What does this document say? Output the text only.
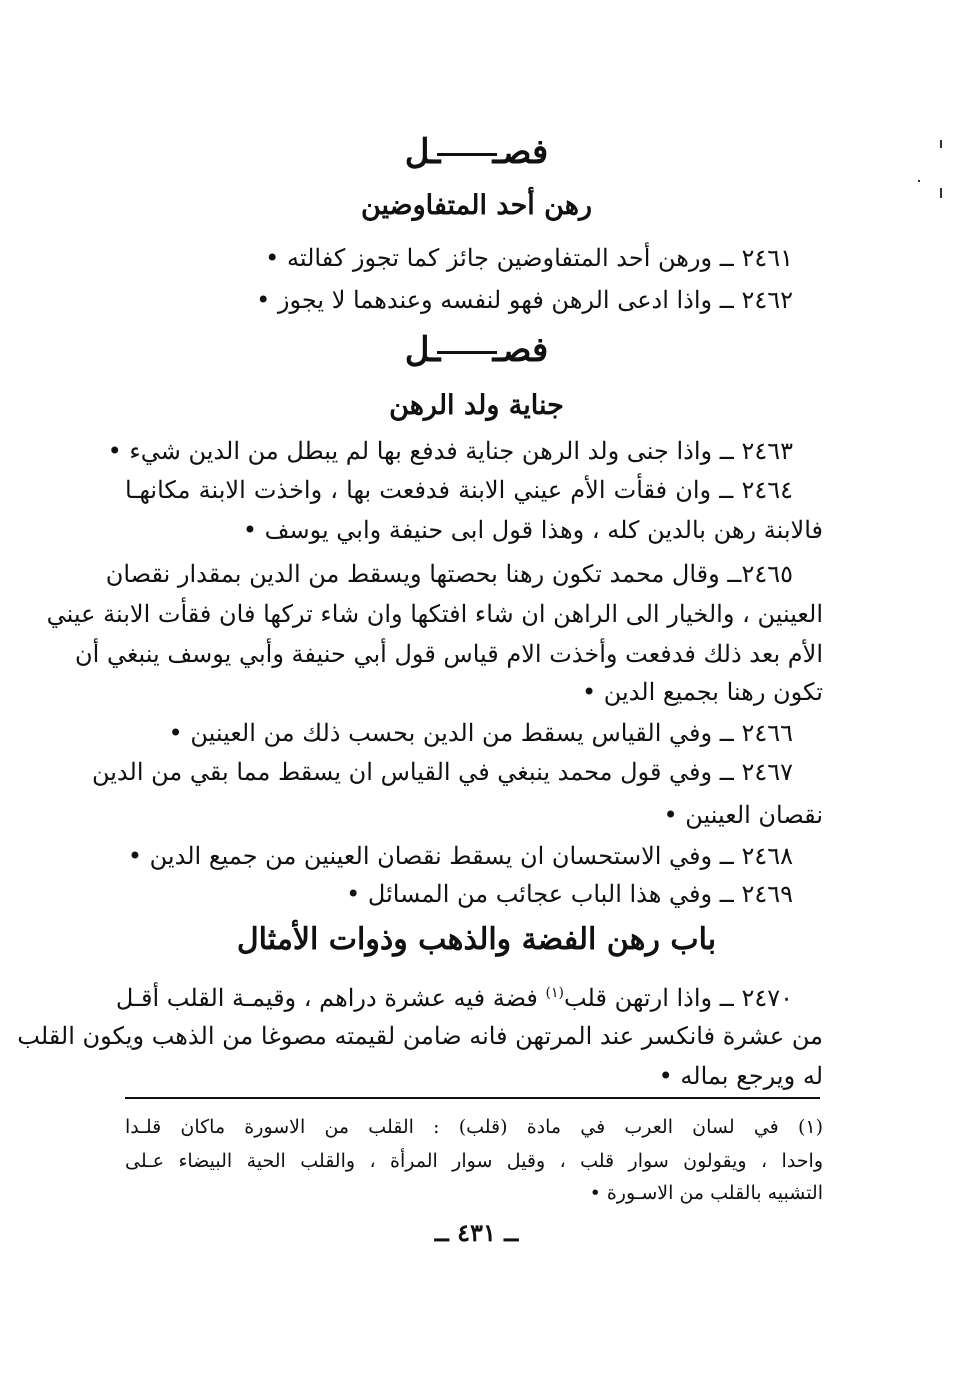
فصــل
رهن أحد المتفاوضين
٢٤٦١ ــ ورهن أحد المتفاوضين جائز كما تجوز كفالته •
٢٤٦٢ ــ واذا ادعى الرهن فهو لنفسه وعندهما لا يجوز •
فصــل
جناية ولد الرهن
٢٤٦٣ ــ واذا جنى ولد الرهن جناية فدفع بها لم يبطل من الدين شيء •
٢٤٦٤ ــ وان فقأت الأم عيني الابنة فدفعت بها ، واخذت الابنة مكانهـا
فالابنة رهن بالدين كله ، وهذا قول ابى حنيفة وابي يوسف •
٢٤٦٥ــ وقال محمد تكون رهنا بحصتها ويسقط من الدين بمقدار نقصان
العينين ، والخيار الى الراهن ان شاء افتكها وان شاء تركها فان فقأت الابنة عيني
الأم بعد ذلك فدفعت وأخذت الام قياس قول أبي حنيفة وأبي يوسف ينبغي أن
تكون رهنا بجميع الدين •
٢٤٦٦ ــ وفي القياس يسقط من الدين بحسب ذلك من العينين •
٢٤٦٧ ــ وفي قول محمد ينبغي في القياس ان يسقط مما بقي من الدين
نقصان العينين •
٢٤٦٨ ــ وفي الاستحسان ان يسقط نقصان العينين من جميع الدين •
٢٤٦٩ ــ وفي هذا الباب عجائب من المسائل •
باب رهن الفضة والذهب وذوات الأمثال
٢٤٧٠ ــ واذا ارتهن قلب$^{(١)}$ فضة فيه عشرة دراهم ، وقيمـة القلب أقـل
من عشرة فانكسر عند المرتهن فانه ضامن لقيمته مصوغا من الذهب ويكون القلب
له ويرجع بماله •
(١) في لسان العرب في مادة (قلب) : القلب من الاسورة ماكان قلـدا
واحدا ، ويقولون سوار قلب ، وقيل سوار المرأة ، والقلب الحية البيضاء عـلى
التشبيه بالقلب من الاسـورة •
ــ ٤٣١ ــ
